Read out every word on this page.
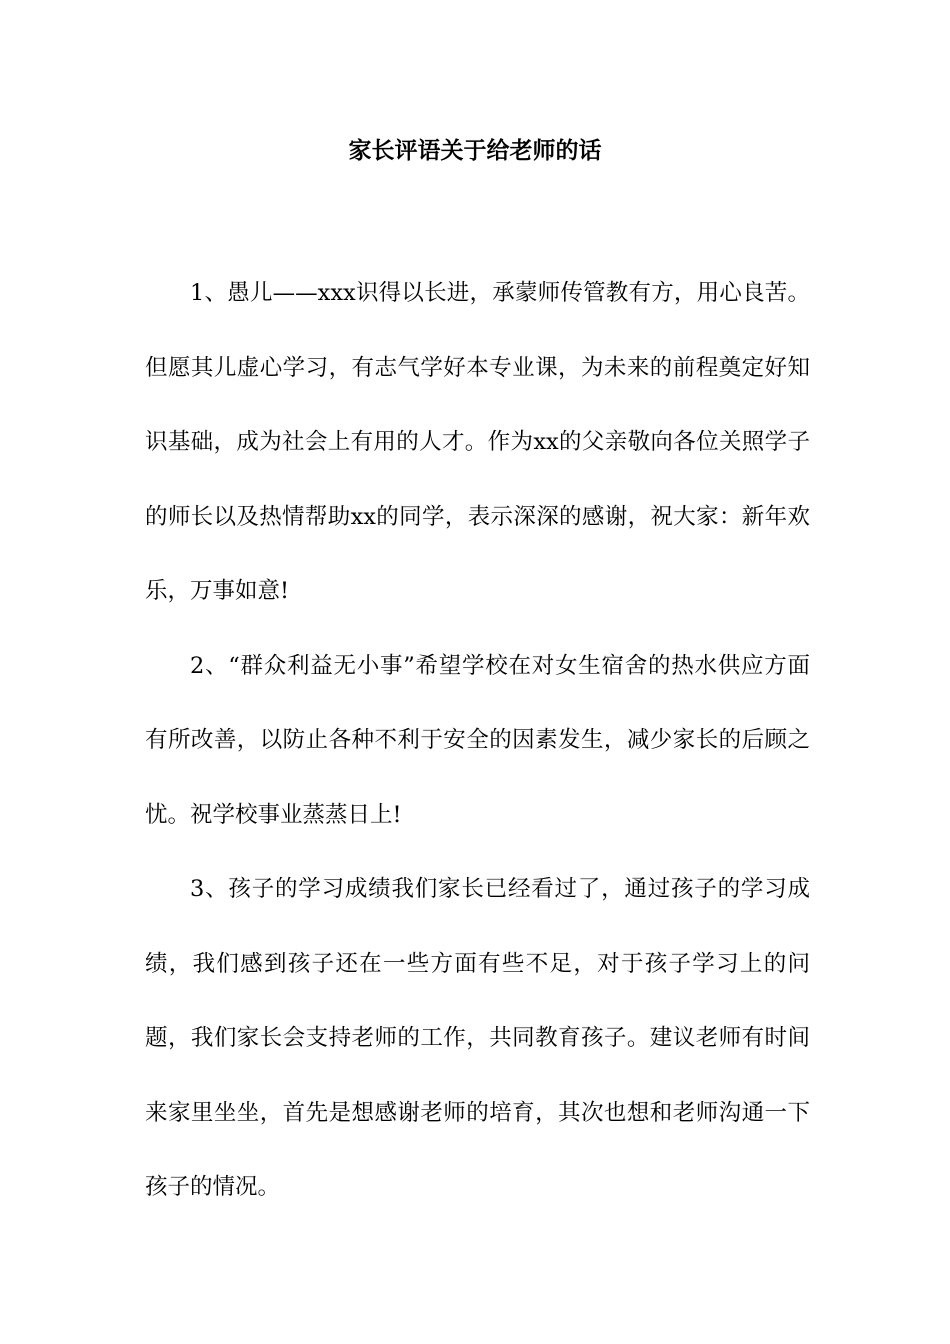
家长评语关于给老师的话

1、愚儿——xxx识得以长进，承蒙师传管教有方，用心良苦。但愿其儿虚心学习，有志气学好本专业课，为未来的前程奠定好知识基础，成为社会上有用的人才。作为xx的父亲敬向各位关照学子的师长以及热情帮助xx的同学，表示深深的感谢，祝大家：新年欢乐，万事如意!

2、“群众利益无小事”希望学校在对女生宿舍的热水供应方面有所改善，以防止各种不利于安全的因素发生，减少家长的后顾之忧。祝学校事业蒸蒸日上!

3、孩子的学习成绩我们家长已经看过了，通过孩子的学习成绩，我们感到孩子还在一些方面有些不足，对于孩子学习上的问题，我们家长会支持老师的工作，共同教育孩子。建议老师有时间来家里坐坐，首先是想感谢老师的培育，其次也想和老师沟通一下孩子的情况。
